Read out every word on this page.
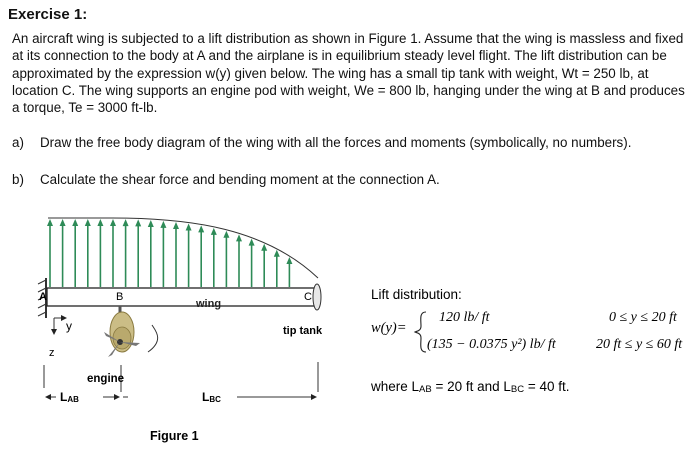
Exercise 1:

An aircraft wing is subjected to a lift distribution as shown in Figure 1. Assume that the wing is massless and fixed at its connection to the body at A and the airplane is in equilibrium steady level flight. The lift distribution can be approximated by the expression w(y) given below. The wing has a small tip tank with weight, Wt = 250 lb, at location C. The wing supports an engine pod with weight, We = 800 lb, hanging under the wing at B and produces a torque, Te = 3000 ft-lb.

a) Draw the free body diagram of the wing with all the forces and moments (symbolically, no numbers).
b) Calculate the shear force and bending moment at the connection A.
A	B	C
wing
y
z
engine
tip tank
LAB	LBC
Figure 1
Lift distribution:
w(y)=
120 lb/ ft	0 ≤ y ≤ 20 ft
(135 − 0.0375 y²) lb/ ft	20 ft ≤ y ≤ 60 ft
where LAB = 20 ft and LBC = 40 ft.
